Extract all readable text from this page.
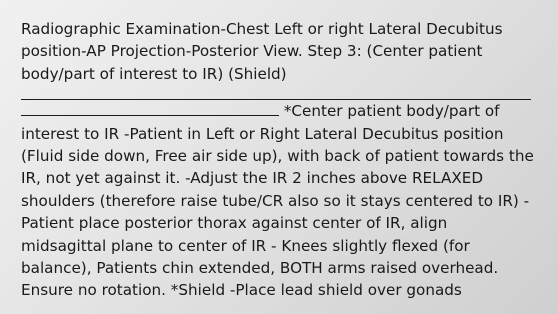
Radiographic Examination-Chest Left or right Lateral Decubitus position-AP Projection-Posterior View. Step 3: (Center patient body/part of interest to IR) (Shield)

*Center patient body/part of interest to IR -Patient in Left or Right Lateral Decubitus position (Fluid side down, Free air side up), with back of patient towards the IR, not yet against it. -Adjust the IR 2 inches above RELAXED shoulders (therefore raise tube/CR also so it stays centered to IR) -Patient place posterior thorax against center of IR, align midsagittal plane to center of IR - Knees slightly flexed (for balance), Patients chin extended, BOTH arms raised overhead. Ensure no rotation. *Shield -Place lead shield over gonads
